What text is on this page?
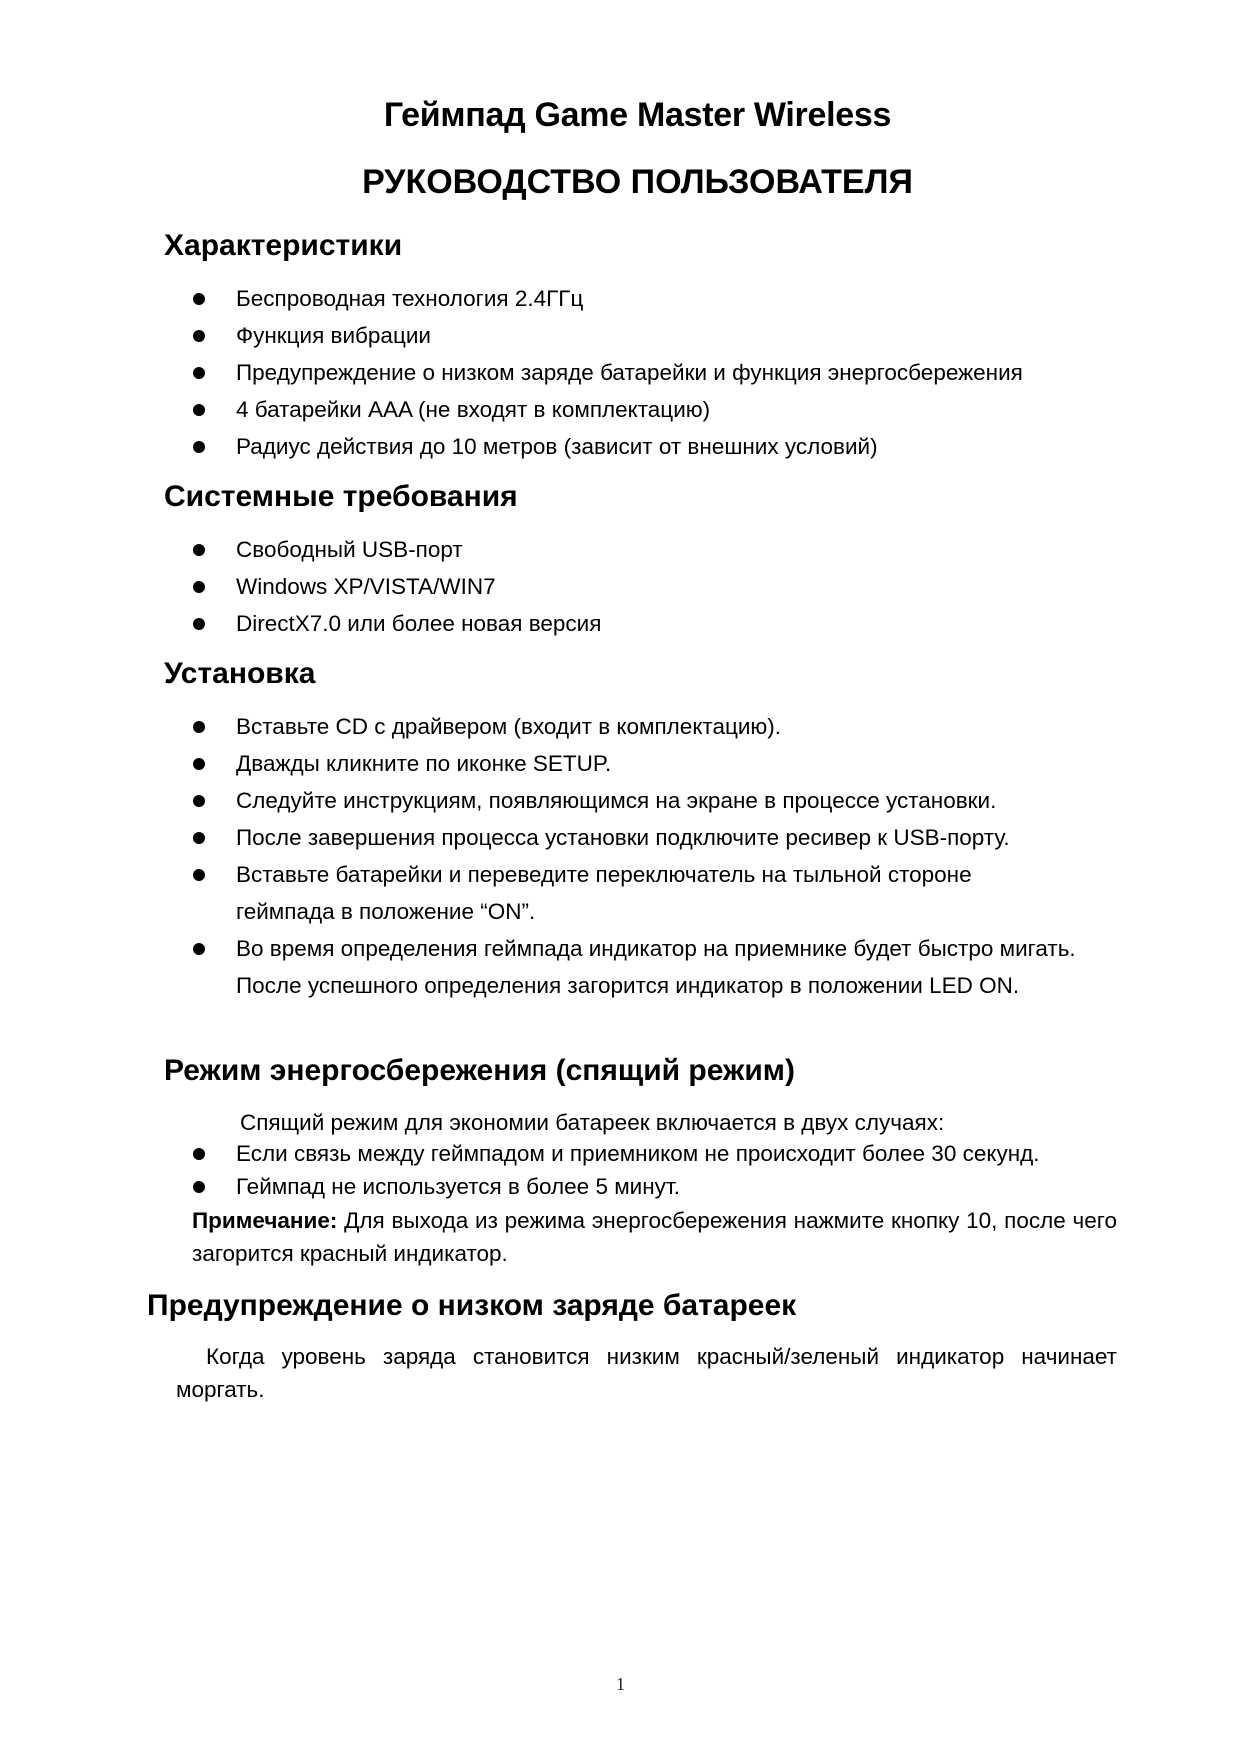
Геймпад Game Master Wireless
РУКОВОДСТВО ПОЛЬЗОВАТЕЛЯ
Характеристики
Беспроводная технология 2.4ГГц
Функция вибрации
Предупреждение о низком заряде батарейки и функция энергосбережения
4 батарейки AAA (не входят в комплектацию)
Радиус действия до 10 метров (зависит от внешних условий)
Системные требования
Свободный USB-порт
Windows XP/VISTA/WIN7
DirectX7.0 или более новая версия
Установка
Вставьте CD с драйвером (входит в комплектацию).
Дважды кликните по иконке SETUP.
Следуйте инструкциям, появляющимся на экране в процессе установки.
После завершения процесса установки подключите ресивер к USB-порту.
Вставьте батарейки и переведите переключатель на тыльной стороне геймпада в положение “ON”.
Во время определения геймпада индикатор на приемнике будет быстро мигать. После успешного определения загорится индикатор в положении LED ON.
Режим энергосбережения (спящий режим)
Спящий режим для экономии батареек включается в двух случаях:
Если связь между геймпадом и приемником не происходит более 30 секунд.
Геймпад не используется в более 5 минут.
Примечание: Для выхода из режима энергосбережения нажмите кнопку 10, после чего загорится красный индикатор.
Предупреждение о низком заряде батареек
Когда уровень заряда становится низким красный/зеленый индикатор начинает моргать.
1
